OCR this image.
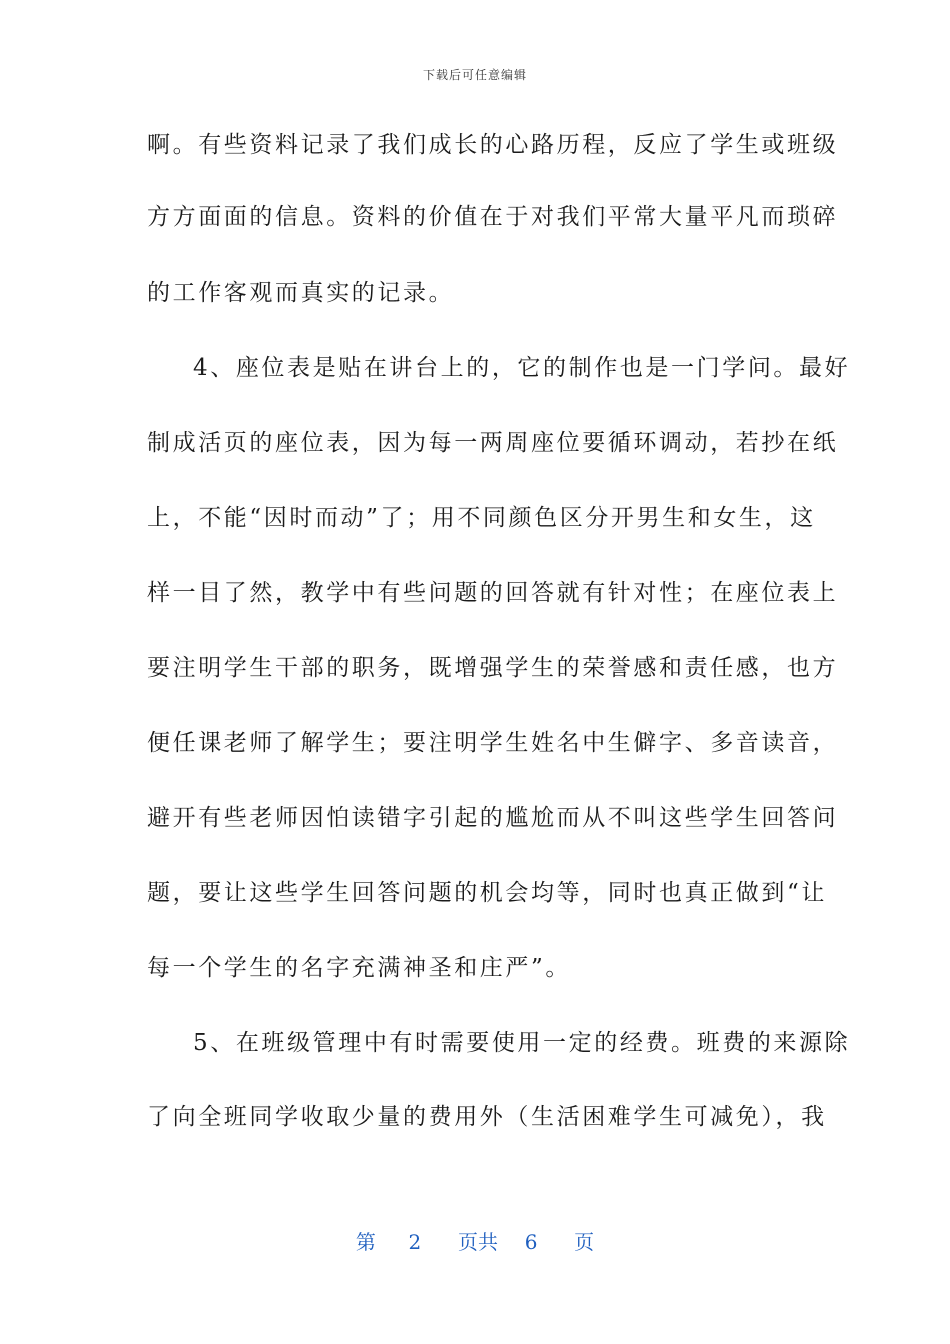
下载后可任意编辑
啊。有些资料记录了我们成长的心路历程，反应了学生或班级
方方面面的信息。资料的价值在于对我们平常大量平凡而琐碎
的工作客观而真实的记录。
4、座位表是贴在讲台上的，它的制作也是一门学问。最好
制成活页的座位表，因为每一两周座位要循环调动，若抄在纸
上，不能“因时而动”了；用不同颜色区分开男生和女生，这
样一目了然，教学中有些问题的回答就有针对性；在座位表上
要注明学生干部的职务，既增强学生的荣誉感和责任感，也方
便任课老师了解学生；要注明学生姓名中生僻字、多音读音，
避开有些老师因怕读错字引起的尴尬而从不叫这些学生回答问
题，要让这些学生回答问题的机会均等，同时也真正做到“让
每一个学生的名字充满神圣和庄严”。
5、在班级管理中有时需要使用一定的经费。班费的来源除
了向全班同学收取少量的费用外（生活困难学生可减免），我
第 2 页共 6 页
